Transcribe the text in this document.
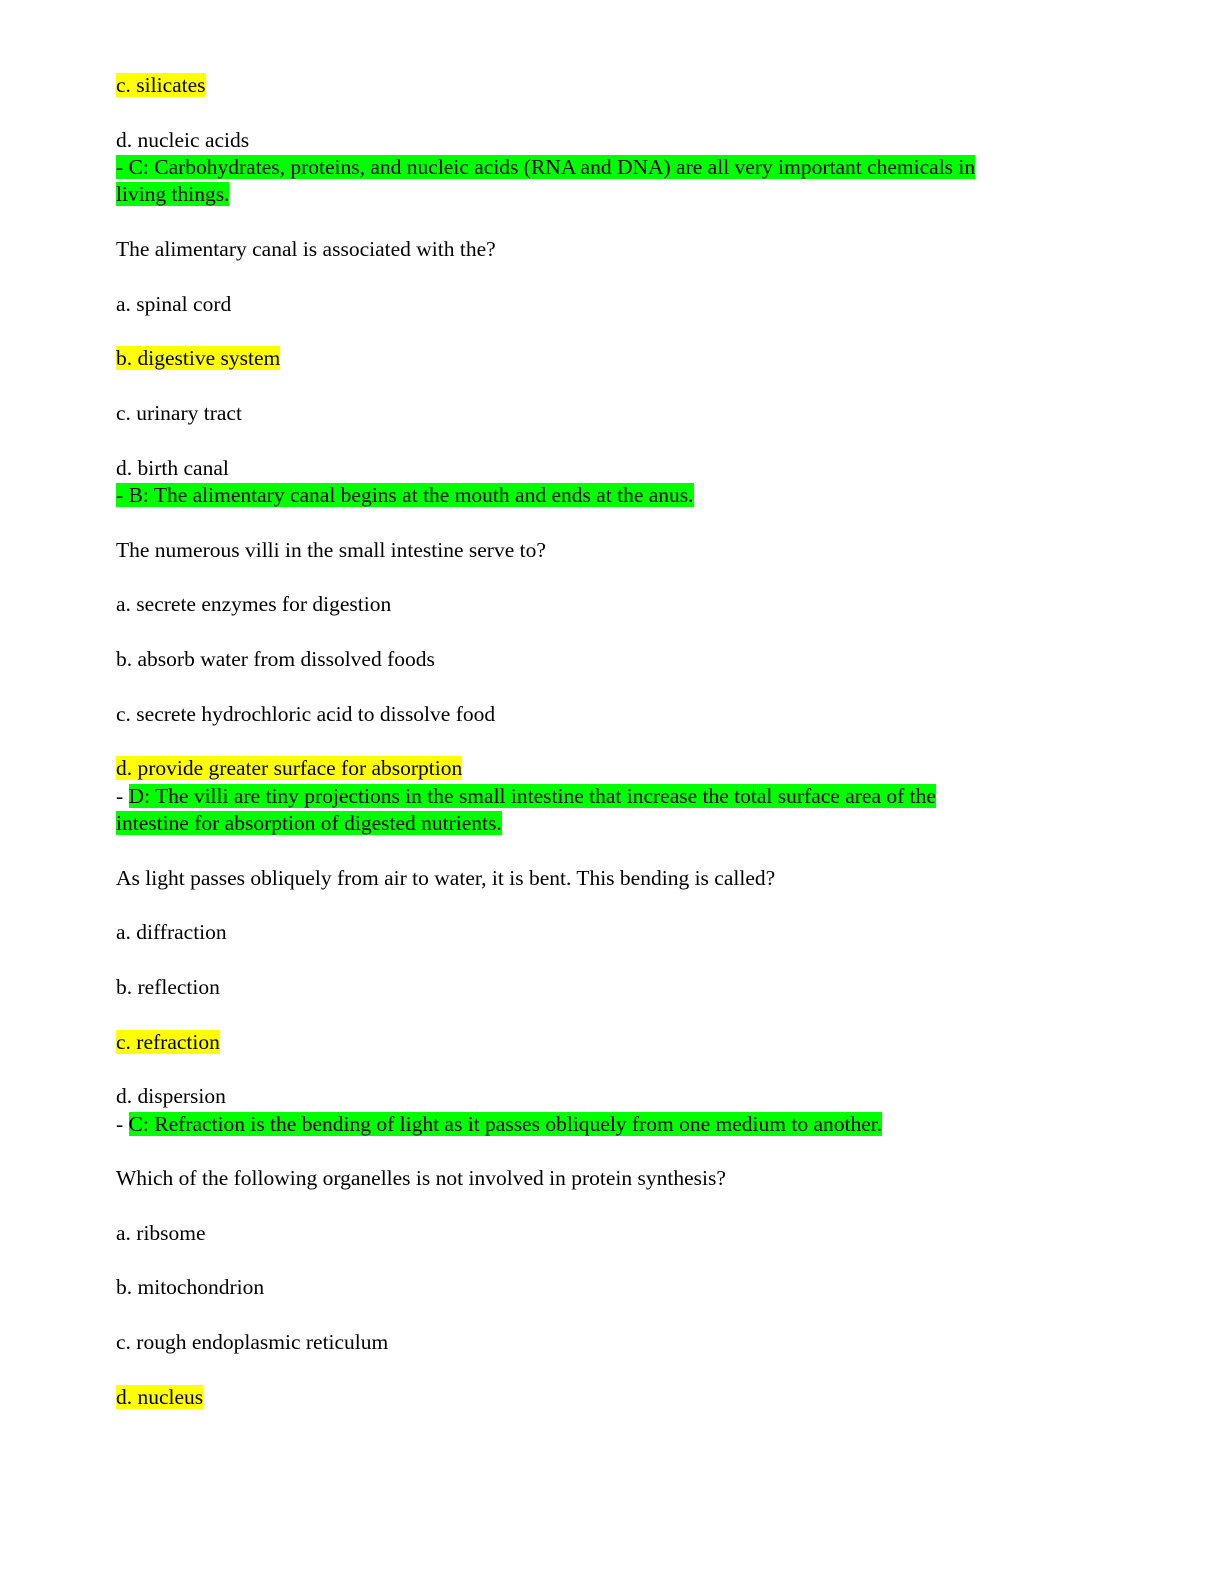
c. silicates

d. nucleic acids

- C: Carbohydrates, proteins, and nucleic acids (RNA and DNA) are all very important chemicals in

living things.

The alimentary canal is associated with the?

a. spinal cord

b. digestive system

c. urinary tract

d. birth canal

- B: The alimentary canal begins at the mouth and ends at the anus.

The numerous villi in the small intestine serve to?

a. secrete enzymes for digestion

b. absorb water from dissolved foods

c. secrete hydrochloric acid to dissolve food

d. provide greater surface for absorption

- D: The villi are tiny projections in the small intestine that increase the total surface area of the

intestine for absorption of digested nutrients.

As light passes obliquely from air to water, it is bent. This bending is called?

a. diffraction

b. reflection

c. refraction

d. dispersion

- C: Refraction is the bending of light as it passes obliquely from one medium to another.

Which of the following organelles is not involved in protein synthesis?

a. ribsome

b. mitochondrion

c. rough endoplasmic reticulum

d. nucleus
